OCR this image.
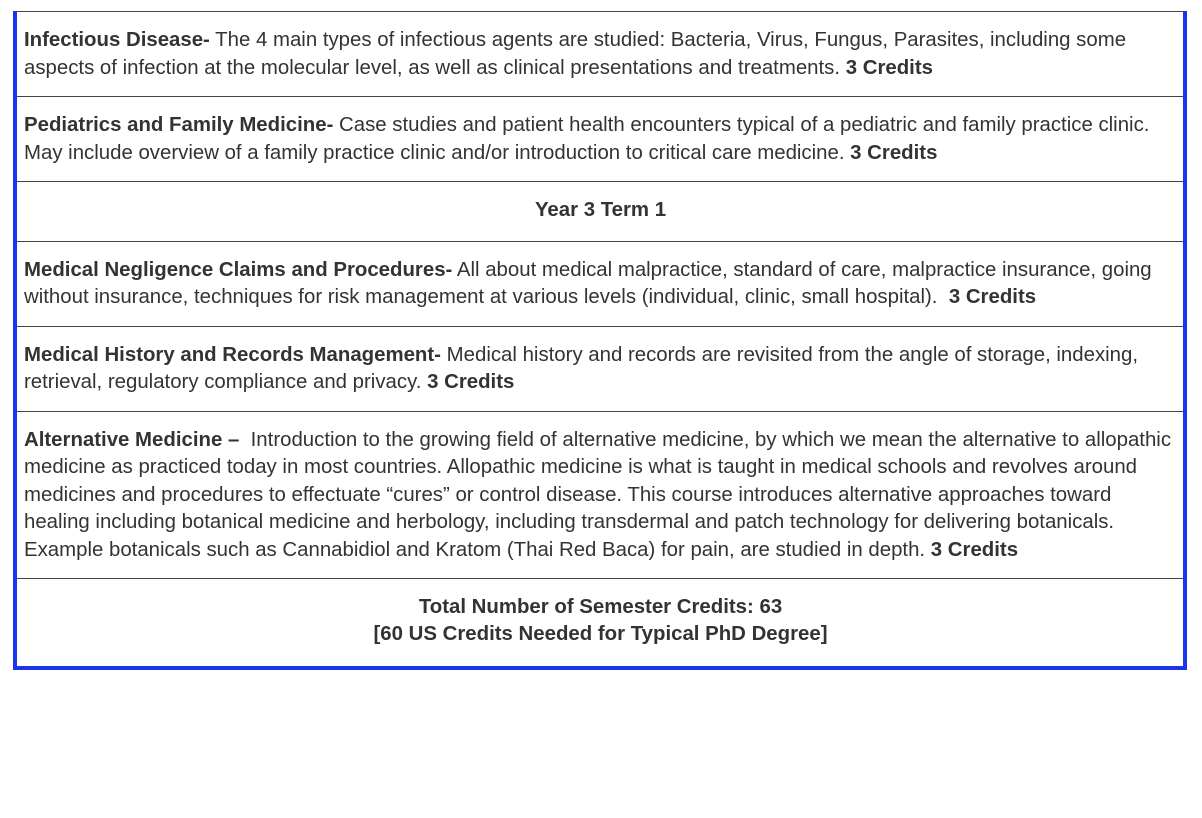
Infectious Disease- The 4 main types of infectious agents are studied: Bacteria, Virus, Fungus, Parasites, including some aspects of infection at the molecular level, as well as clinical presentations and treatments. 3 Credits
Pediatrics and Family Medicine- Case studies and patient health encounters typical of a pediatric and family practice clinic. May include overview of a family practice clinic and/or introduction to critical care medicine. 3 Credits
Year 3 Term 1
Medical Negligence Claims and Procedures- All about medical malpractice, standard of care, malpractice insurance, going without insurance, techniques for risk management at various levels (individual, clinic, small hospital).  3 Credits
Medical History and Records Management- Medical history and records are revisited from the angle of storage, indexing, retrieval, regulatory compliance and privacy. 3 Credits
Alternative Medicine –  Introduction to the growing field of alternative medicine, by which we mean the alternative to allopathic medicine as practiced today in most countries. Allopathic medicine is what is taught in medical schools and revolves around medicines and procedures to effectuate “cures” or control disease. This course introduces alternative approaches toward healing including botanical medicine and herbology, including transdermal and patch technology for delivering botanicals. Example botanicals such as Cannabidiol and Kratom (Thai Red Baca) for pain, are studied in depth. 3 Credits
Total Number of Semester Credits: 63
[60 US Credits Needed for Typical PhD Degree]
